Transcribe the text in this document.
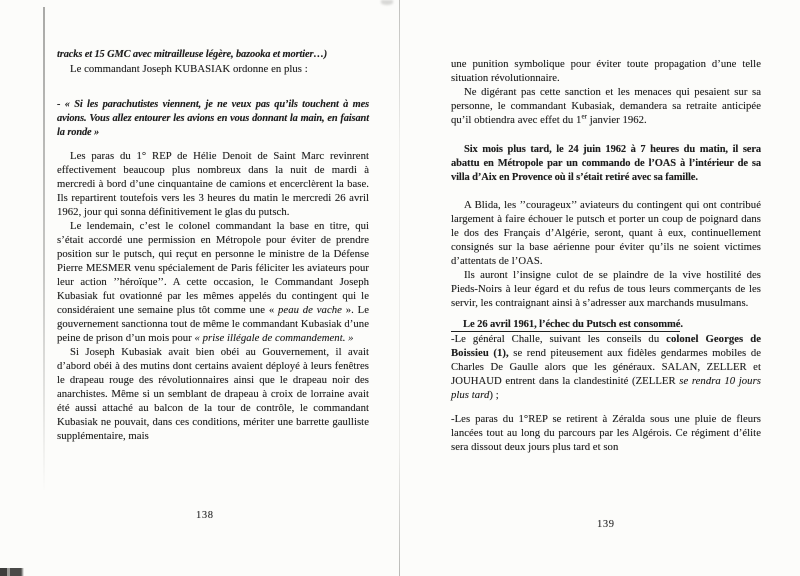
tracks et 15 GMC avec mitrailleuse légère, bazooka et mortier…)

Le commandant Joseph KUBASIAK ordonne en plus :

- « Si les parachutistes viennent, je ne veux pas qu’ils touchent à mes avions. Vous allez entourer les avions en vous donnant la main, en faisant la ronde »

Les paras du 1° REP de Hélie Denoit de Saint Marc revinrent effectivement beaucoup plus nombreux dans la nuit de mardi à mercredi à bord d’une cinquantaine de camions et encerclèrent la base. Ils repartirent toutefois vers les 3 heures du matin le mercredi 26 avril 1962, jour qui sonna définitivement le glas du putsch.

Le lendemain, c’est le colonel commandant la base en titre, qui s’était accordé une permission en Métropole pour éviter de prendre position sur le putsch, qui reçut en personne le ministre de la Défense Pierre MESMER venu spécialement de Paris féliciter les aviateurs pour leur action ’’héroïque’’. A cette occasion, le Commandant Joseph Kubasiak fut ovationné par les mêmes appelés du contingent qui le considéraient une semaine plus tôt comme une « peau de vache ». Le gouvernement sanctionna tout de même le commandant Kubasiak d’une peine de prison d’un mois pour « prise illégale de commandement. »

Si Joseph Kubasiak avait bien obéi au Gouvernement, il avait d’abord obéi à des mutins dont certains avaient déployé à leurs fenêtres le drapeau rouge des révolutionnaires ainsi que le drapeau noir des anarchistes. Même si un semblant de drapeau à croix de lorraine avait été aussi attaché au balcon de la tour de contrôle, le commandant Kubasiak ne pouvait, dans ces conditions, mériter une barrette gaulliste supplémentaire, mais

138

une punition symbolique pour éviter toute propagation d’une telle situation révolutionnaire.

Ne digérant pas cette sanction et les menaces qui pesaient sur sa personne, le commandant Kubasiak, demandera sa retraite anticipée qu’il obtiendra avec effet du 1er janvier 1962.

Six mois plus tard, le 24 juin 1962 à 7 heures du matin, il sera abattu en Métropole par un commando de l’OAS à l’intérieur de sa villa d’Aix en Provence où il s’était retiré avec sa famille.

A Blida, les ’’courageux’’ aviateurs du contingent qui ont contribué largement à faire échouer le putsch et porter un coup de poignard dans le dos des Français d’Algérie, seront, quant à eux, continuellement consignés sur la base aérienne pour éviter qu’ils ne soient victimes d’attentats de l’OAS.

Ils auront l’insigne culot de se plaindre de la vive hostilité des Pieds-Noirs à leur égard et du refus de tous leurs commerçants de les servir, les contraignant ainsi à s’adresser aux marchands musulmans.

Le 26 avril 1961, l’échec du Putsch est consommé.

-Le général Challe, suivant les conseils du colonel Georges de Boissieu (1), se rend piteusement aux fidèles gendarmes mobiles de Charles De Gaulle alors que les généraux. SALAN, ZELLER et JOUHAUD entrent dans la clandestinité (ZELLER se rendra 10 jours plus tard) ;

-Les paras du 1°REP se retirent à Zéralda sous une pluie de fleurs lancées tout au long du parcours par les Algérois. Ce régiment d’élite sera dissout deux jours plus tard et son

139
